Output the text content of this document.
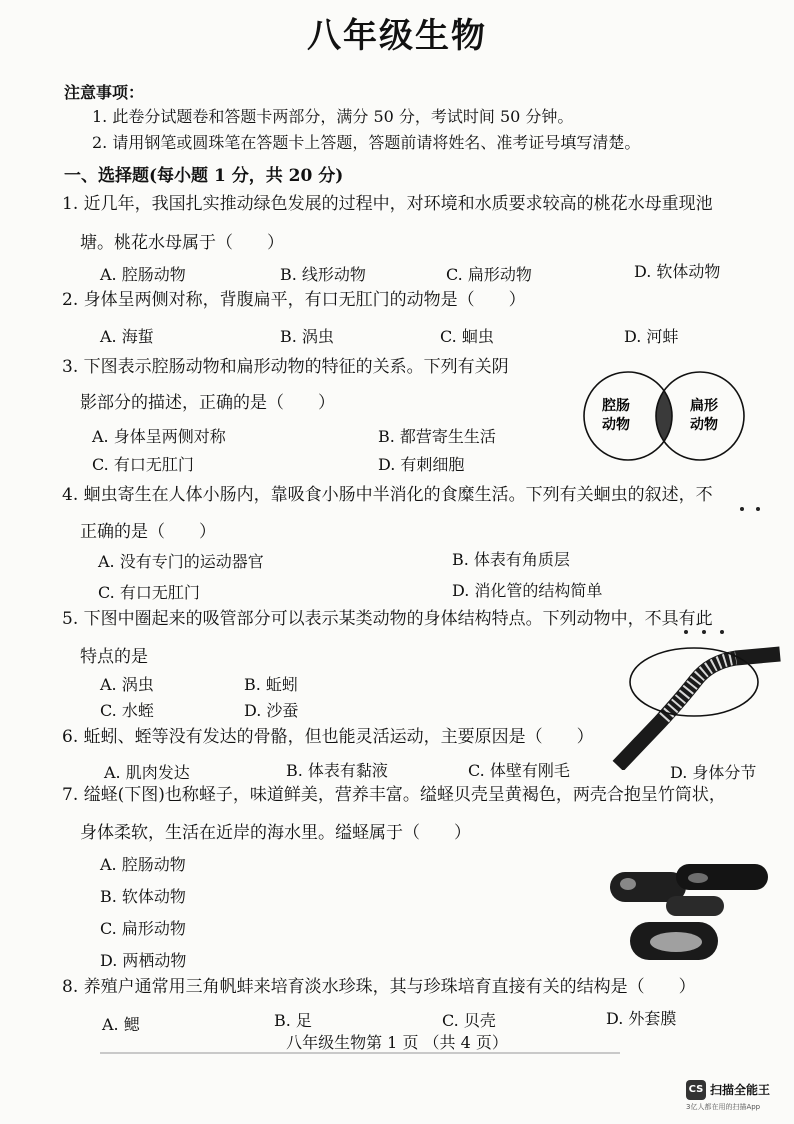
八年级生物
注意事项：
1. 此卷分试题卷和答题卡两部分，满分 50 分，考试时间 50 分钟。
2. 请用钢笔或圆珠笔在答题卡上答题，答题前请将姓名、准考证号填写清楚。
一、选择题(每小题 1 分，共 20 分)
1. 近几年，我国扎实推动绿色发展的过程中，对环境和水质要求较高的桃花水母重现池
塘。桃花水母属于（　　）
A. 腔肠动物	B. 线形动物	C. 扁形动物	D. 软体动物
2. 身体呈两侧对称，背腹扁平，有口无肛门的动物是（　　）
A. 海蜇	B. 涡虫	C. 蛔虫	D. 河蚌
3. 下图表示腔肠动物和扁形动物的特征的关系。下列有关阴
影部分的描述，正确的是（　　）
A. 身体呈两侧对称	B. 都营寄生生活
C. 有口无肛门	D. 有刺细胞
腔肠
动物
扁形
动物
4. 蛔虫寄生在人体小肠内，靠吸食小肠中半消化的食糜生活。下列有关蛔虫的叙述，不
正确的是（　　）
A. 没有专门的运动器官	B. 体表有角质层
C. 有口无肛门	D. 消化管的结构简单
5. 下图中圈起来的吸管部分可以表示某类动物的身体结构特点。下列动物中，不具有此
特点的是
A. 涡虫	B. 蚯蚓
C. 水蛭	D. 沙蚕
6. 蚯蚓、蛭等没有发达的骨骼，但也能灵活运动，主要原因是（　　）
A. 肌肉发达	B. 体表有黏液	C. 体壁有刚毛	D. 身体分节
7. 缢蛏(下图)也称蛏子，味道鲜美，营养丰富。缢蛏贝壳呈黄褐色，两壳合抱呈竹筒状，
身体柔软，生活在近岸的海水里。缢蛏属于（　　）
A. 腔肠动物
B. 软体动物
C. 扁形动物
D. 两栖动物
8. 养殖户通常用三角帆蚌来培育淡水珍珠，其与珍珠培育直接有关的结构是（　　）
A. 鳃	B. 足	C. 贝壳	D. 外套膜
八年级生物第 1 页 （共 4 页）
CS 扫描全能王
3亿人都在用的扫描App
